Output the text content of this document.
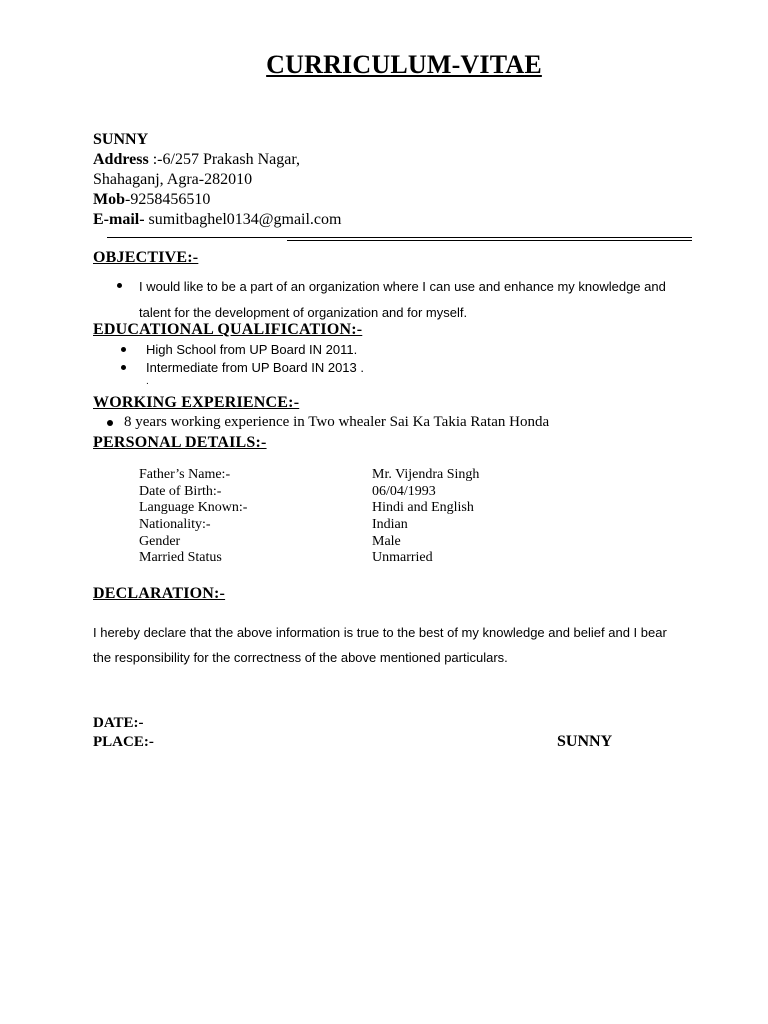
CURRICULUM-VITAE
SUNNY
Address :-6/257 Prakash Nagar,
Shahaganj, Agra-282010
Mob-9258456510
E-mail- sumitbaghel0134@gmail.com
OBJECTIVE:-
I would like to be a part of an organization where I can use and enhance my knowledge and
talent for the development of organization and for myself.
EDUCATIONAL QUALIFICATION:-
High School from UP Board IN 2011.
Intermediate from UP Board IN 2013 .
.
WORKING EXPERIENCE:-
8 years working experience in Two whealer Sai Ka Takia Ratan Honda
PERSONAL DETAILS:-
Father’s Name:-	Mr. Vijendra Singh
Date of Birth:-	06/04/1993
Language Known:-	Hindi and English
Nationality:-	Indian
Gender	Male
Married Status	Unmarried
DECLARATION:-
I hereby declare that the above information is true to the best of my knowledge and belief and I bear
the responsibility for the correctness of the above mentioned particulars.
DATE:-
PLACE:-	SUNNY
